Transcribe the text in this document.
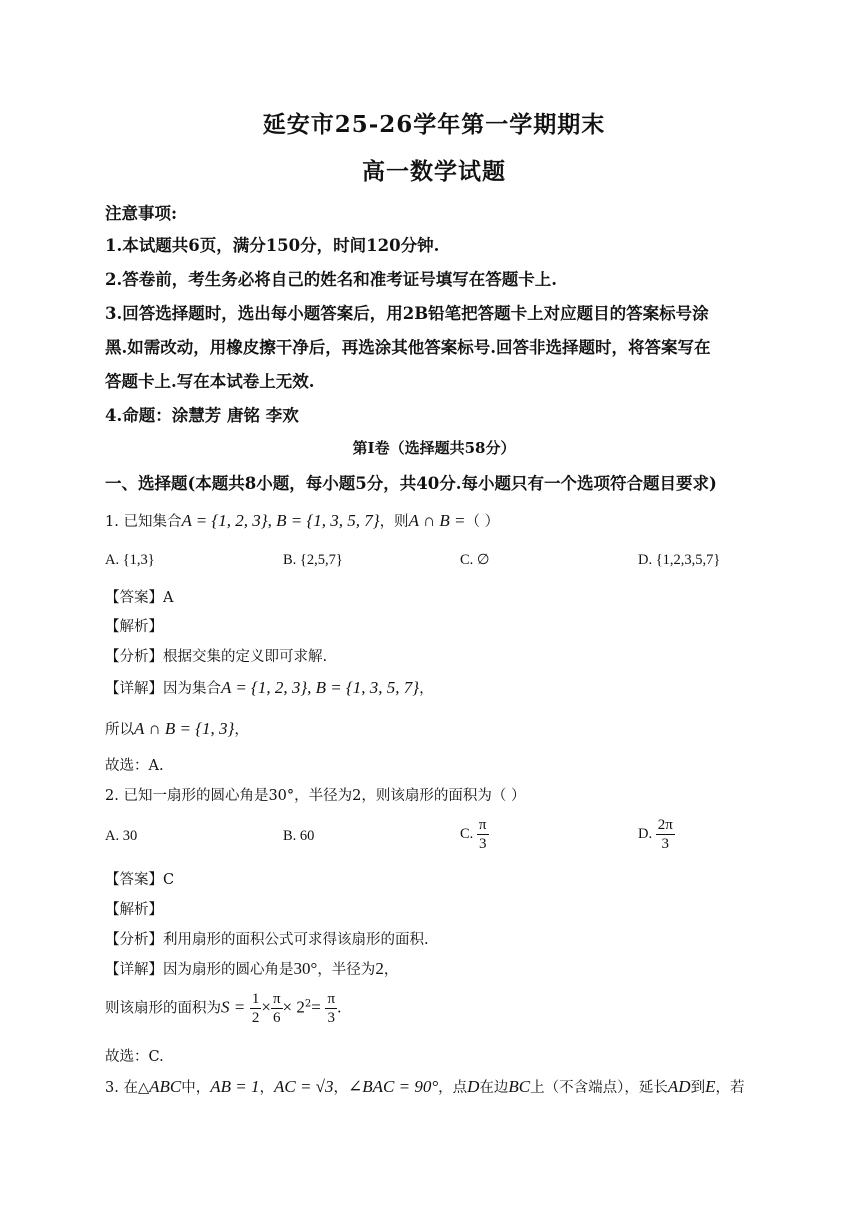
延安市25-26学年第一学期期末
高一数学试题
注意事项:
1.本试题共6页，满分150分，时间120分钟.
2.答卷前，考生务必将自己的姓名和准考证号填写在答题卡上.
3.回答选择题时，选出每小题答案后，用2B铅笔把答题卡上对应题目的答案标号涂
黑.如需改动，用橡皮擦干净后，再选涂其他答案标号.回答非选择题时，将答案写在
答题卡上.写在本试卷上无效.
4.命题：涂慧芳 唐铭 李欢
第I卷（选择题共58分）
一、选择题(本题共8小题，每小题5分，共40分.每小题只有一个选项符合题目要求)
1. 已知集合A = {1, 2, 3}, B = {1, 3, 5, 7}，则A ∩ B =（ ）
A. {1,3}	B. {2,5,7}	C. ∅	D. {1,2,3,5,7}
【答案】A
【解析】
【分析】根据交集的定义即可求解.
【详解】因为集合A = {1, 2, 3}, B = {1, 3, 5, 7}，
所以A ∩ B = {1, 3}，
故选：A.
2. 已知一扇形的圆心角是30°，半径为2，则该扇形的面积为（ ）
A. 30	B. 60	C. $\frac{\pi}{3}$	D. $\frac{2\pi}{3}$
【答案】C
【解析】
【分析】利用扇形的面积公式可求得该扇形的面积.
【详解】因为扇形的圆心角是30°，半径为2，
则该扇形的面积为$S = \frac{1}{2} \times \frac{\pi}{6} \times 2^2= \frac{\pi}{3}$ .
故选：C.
3. 在△ABC中，AB = 1，AC = √3，∠BAC = 90°，点D在边BC上（不含端点），延长AD到E，若
